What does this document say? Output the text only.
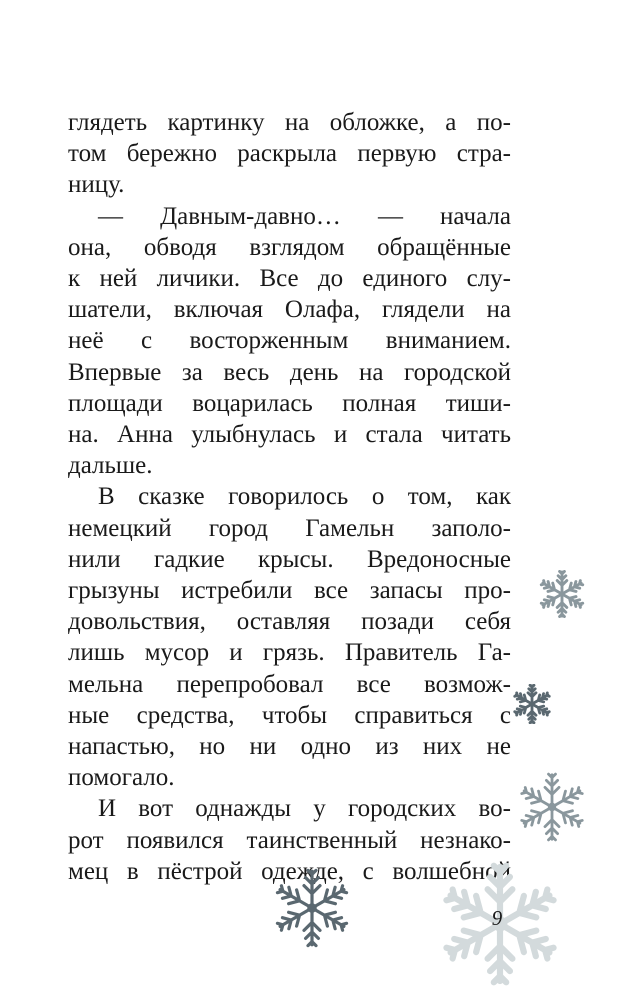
глядеть картинку на обложке, а по-

том бережно раскрыла первую стра-

ницу.

— Давным-давно… — начала

она, обводя взглядом обращённые

к ней личики. Все до единого слу-

шатели, включая Олафа, глядели на

неё с восторженным вниманием.

Впервые за весь день на городской

площади воцарилась полная тиши-

на. Анна улыбнулась и стала читать

дальше.

В сказке говорилось о том, как

немецкий город Гамельн заполо-

нили гадкие крысы. Вредоносные

грызуны истребили все запасы про-

довольствия, оставляя позади себя

лишь мусор и грязь. Правитель Га-

мельна перепробовал все возмож-

ные средства, чтобы справиться с

напастью, но ни одно из них не

помогало.

И вот однажды у городских во-

рот появился таинственный незнако-

мец в пёстрой одежде, с волшебной

9
